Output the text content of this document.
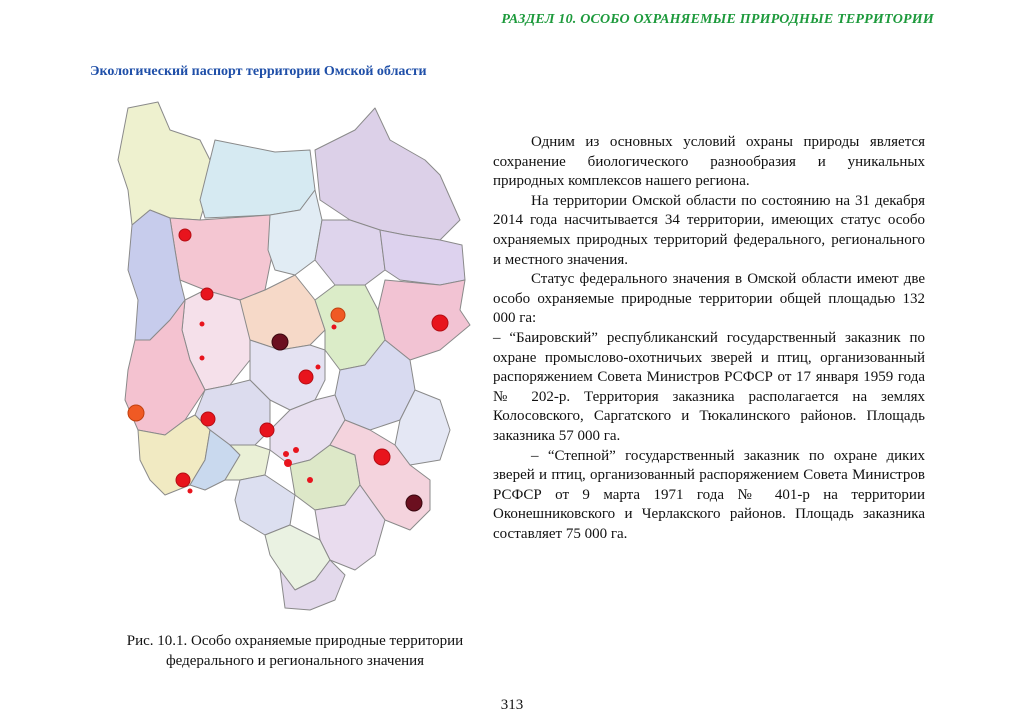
РАЗДЕЛ 10. ОСОБО ОХРАНЯЕМЫЕ ПРИРОДНЫЕ ТЕРРИТОРИИ
Экологический паспорт территории Омской области
Рис. 10.1. Особо охраняемые природные территории
федерального и регионального значения

Одним из основных условий охраны природы является сохранение биологического разнообразия и уникальных природных комплексов нашего региона.

На территории Омской области по состоянию на 31 декабря 2014 года насчитывается 34 территории, имеющих статус особо охраняемых природных территорий федерального, регионального и местного значения.

Статус федерального значения в Омской области имеют две особо охраняемые природные территории общей площадью 132 000 га:

– “Баировский” республиканский государственный заказник по охране промыслово-охотничьих зверей и птиц, организованный распоряжением Совета Министров РСФСР от 17 января 1959 года № 202-р. Территория заказника располагается на землях Колосовского, Саргатского и Тюкалинского районов. Площадь заказника 57 000 га.

– “Степной” государственный заказник по охране диких зверей и птиц, организованный распоряжением Совета Министров РСФСР от 9 марта 1971 года № 401-р на территории Оконешниковского и Черлакского районов. Площадь заказника составляет 75 000 га.

313
